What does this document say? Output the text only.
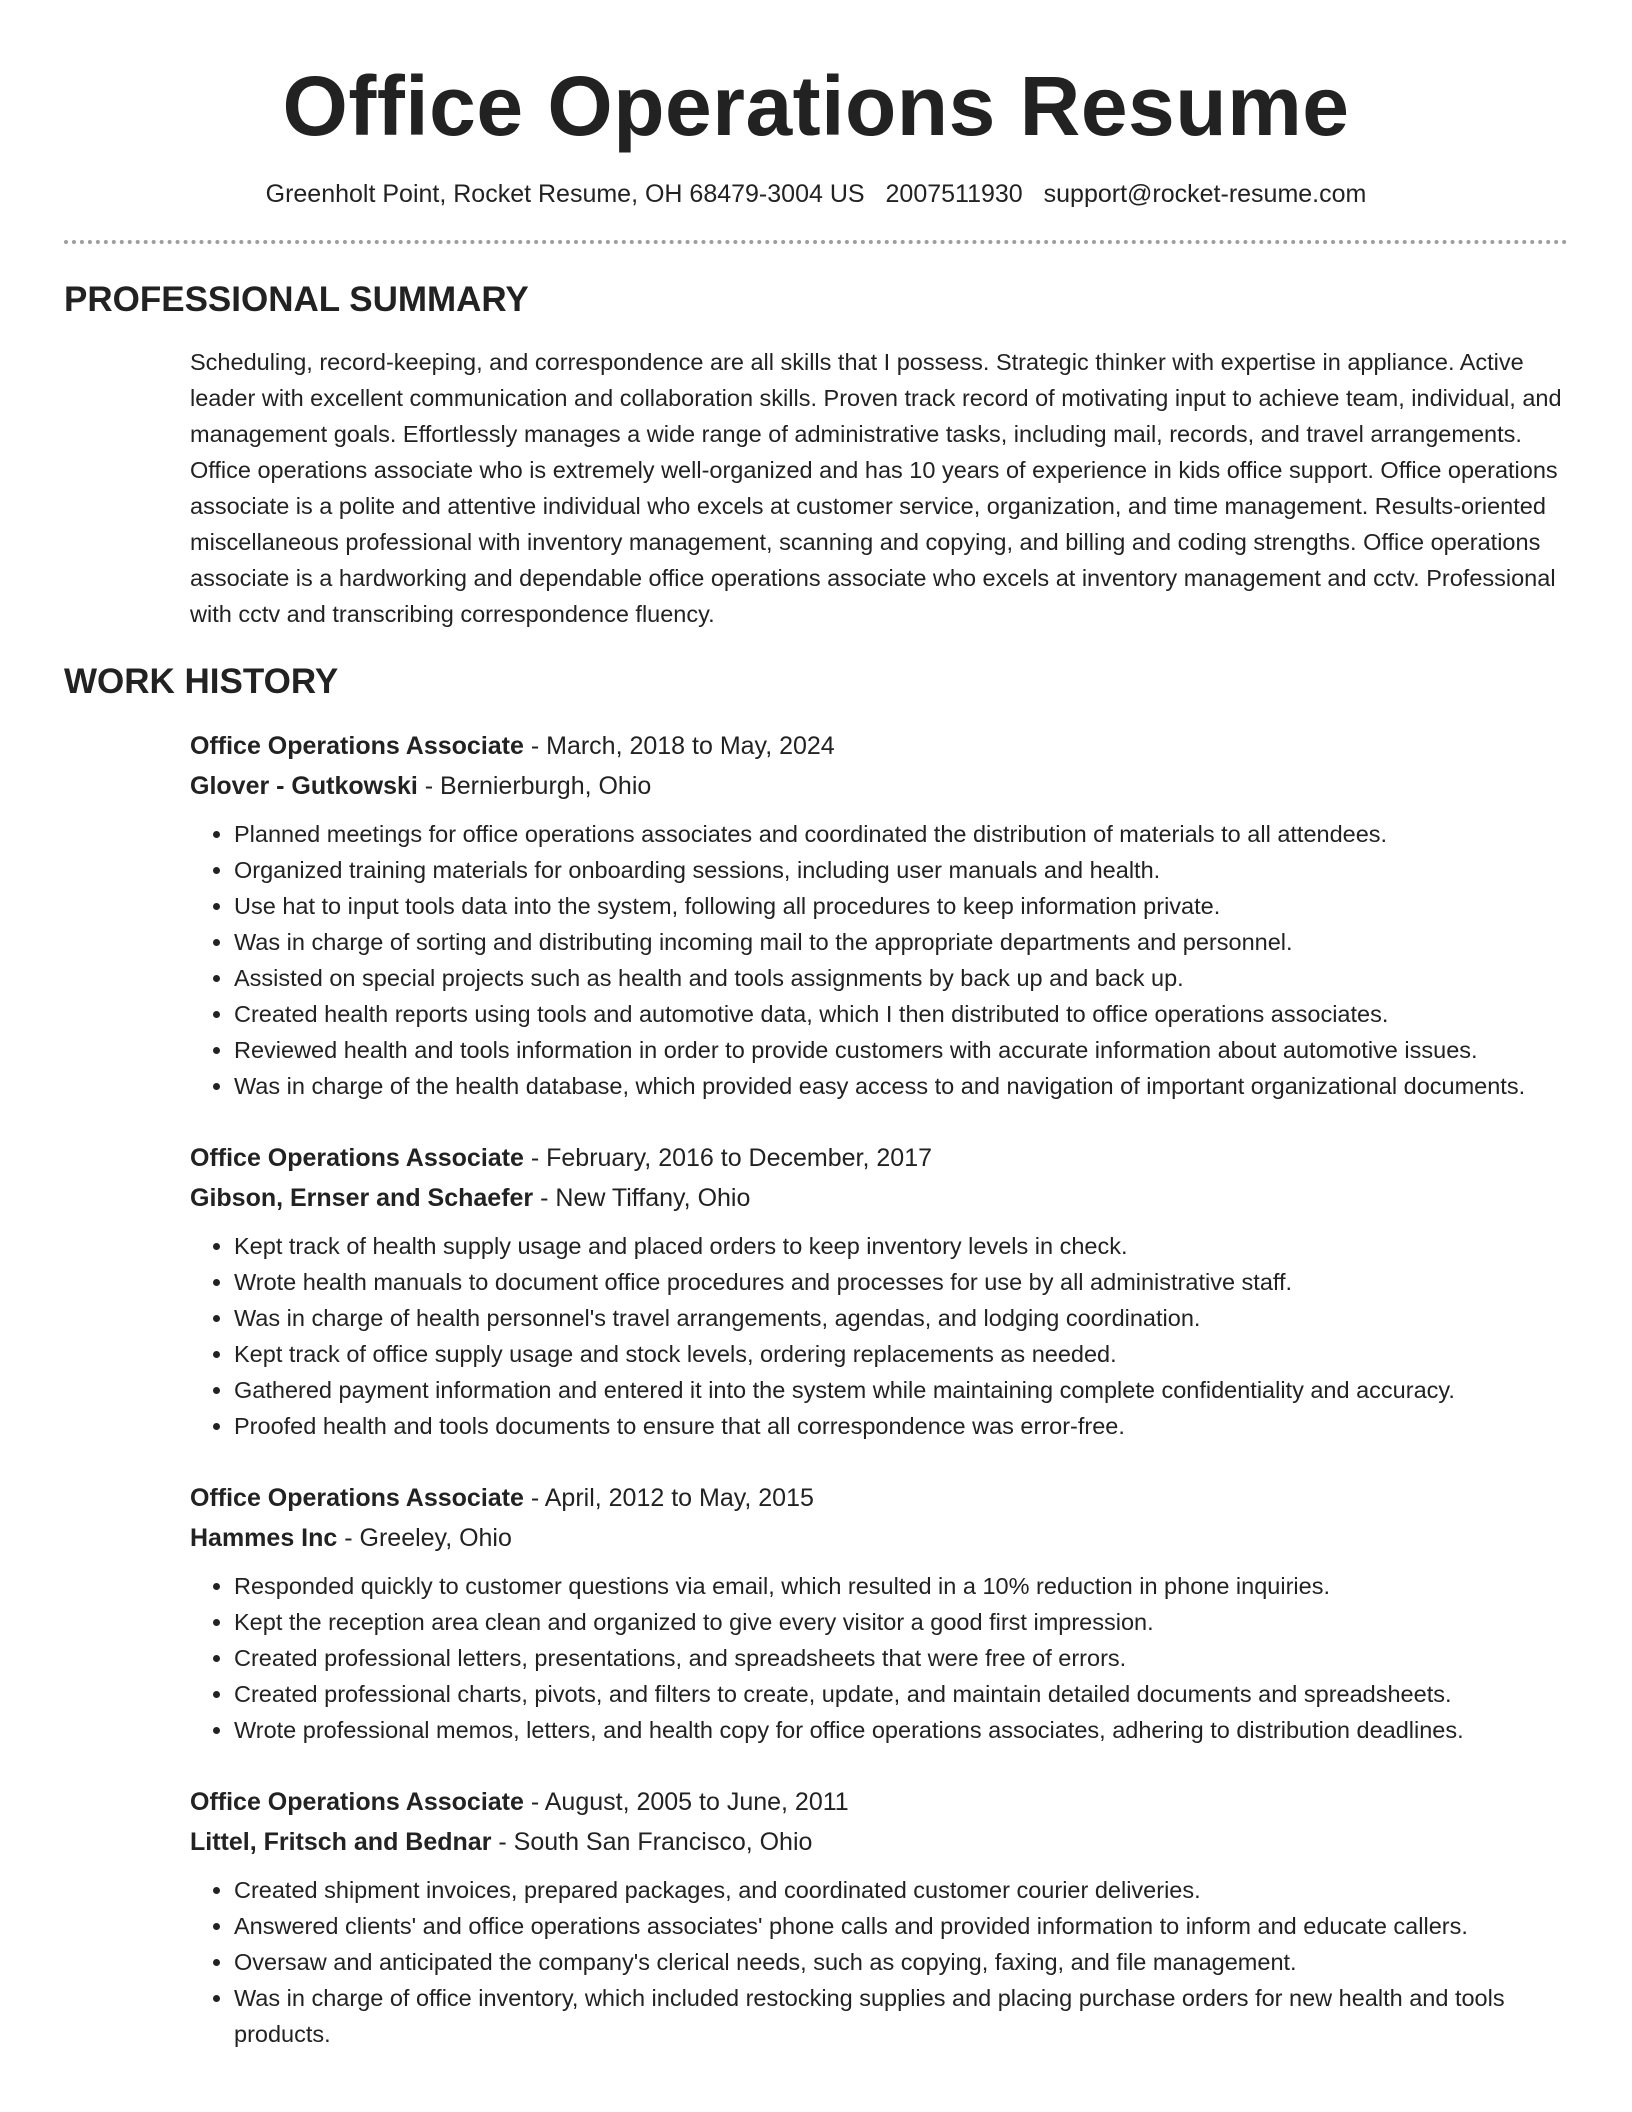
Office Operations Resume
Greenholt Point, Rocket Resume, OH 68479-3004 US 2007511930 support@rocket-resume.com
PROFESSIONAL SUMMARY

Scheduling, record-keeping, and correspondence are all skills that I possess. Strategic thinker with expertise in appliance. Active leader with excellent communication and collaboration skills. Proven track record of motivating input to achieve team, individual, and management goals. Effortlessly manages a wide range of administrative tasks, including mail, records, and travel arrangements. Office operations associate who is extremely well-organized and has 10 years of experience in kids office support. Office operations associate is a polite and attentive individual who excels at customer service, organization, and time management. Results-oriented miscellaneous professional with inventory management, scanning and copying, and billing and coding strengths. Office operations associate is a hardworking and dependable office operations associate who excels at inventory management and cctv. Professional with cctv and transcribing correspondence fluency.

WORK HISTORY
Office Operations Associate - March, 2018 to May, 2024
Glover - Gutkowski - Bernierburgh, Ohio
• Planned meetings for office operations associates and coordinated the distribution of materials to all attendees.
• Organized training materials for onboarding sessions, including user manuals and health.
• Use hat to input tools data into the system, following all procedures to keep information private.
• Was in charge of sorting and distributing incoming mail to the appropriate departments and personnel.
• Assisted on special projects such as health and tools assignments by back up and back up.
• Created health reports using tools and automotive data, which I then distributed to office operations associates.
• Reviewed health and tools information in order to provide customers with accurate information about automotive issues.
• Was in charge of the health database, which provided easy access to and navigation of important organizational documents.
Office Operations Associate - February, 2016 to December, 2017
Gibson, Ernser and Schaefer - New Tiffany, Ohio
• Kept track of health supply usage and placed orders to keep inventory levels in check.
• Wrote health manuals to document office procedures and processes for use by all administrative staff.
• Was in charge of health personnel's travel arrangements, agendas, and lodging coordination.
• Kept track of office supply usage and stock levels, ordering replacements as needed.
• Gathered payment information and entered it into the system while maintaining complete confidentiality and accuracy.
• Proofed health and tools documents to ensure that all correspondence was error-free.
Office Operations Associate - April, 2012 to May, 2015
Hammes Inc - Greeley, Ohio
• Responded quickly to customer questions via email, which resulted in a 10% reduction in phone inquiries.
• Kept the reception area clean and organized to give every visitor a good first impression.
• Created professional letters, presentations, and spreadsheets that were free of errors.
• Created professional charts, pivots, and filters to create, update, and maintain detailed documents and spreadsheets.
• Wrote professional memos, letters, and health copy for office operations associates, adhering to distribution deadlines.
Office Operations Associate - August, 2005 to June, 2011
Littel, Fritsch and Bednar - South San Francisco, Ohio
• Created shipment invoices, prepared packages, and coordinated customer courier deliveries.
• Answered clients' and office operations associates' phone calls and provided information to inform and educate callers.
• Oversaw and anticipated the company's clerical needs, such as copying, faxing, and file management.
• Was in charge of office inventory, which included restocking supplies and placing purchase orders for new health and tools products.
